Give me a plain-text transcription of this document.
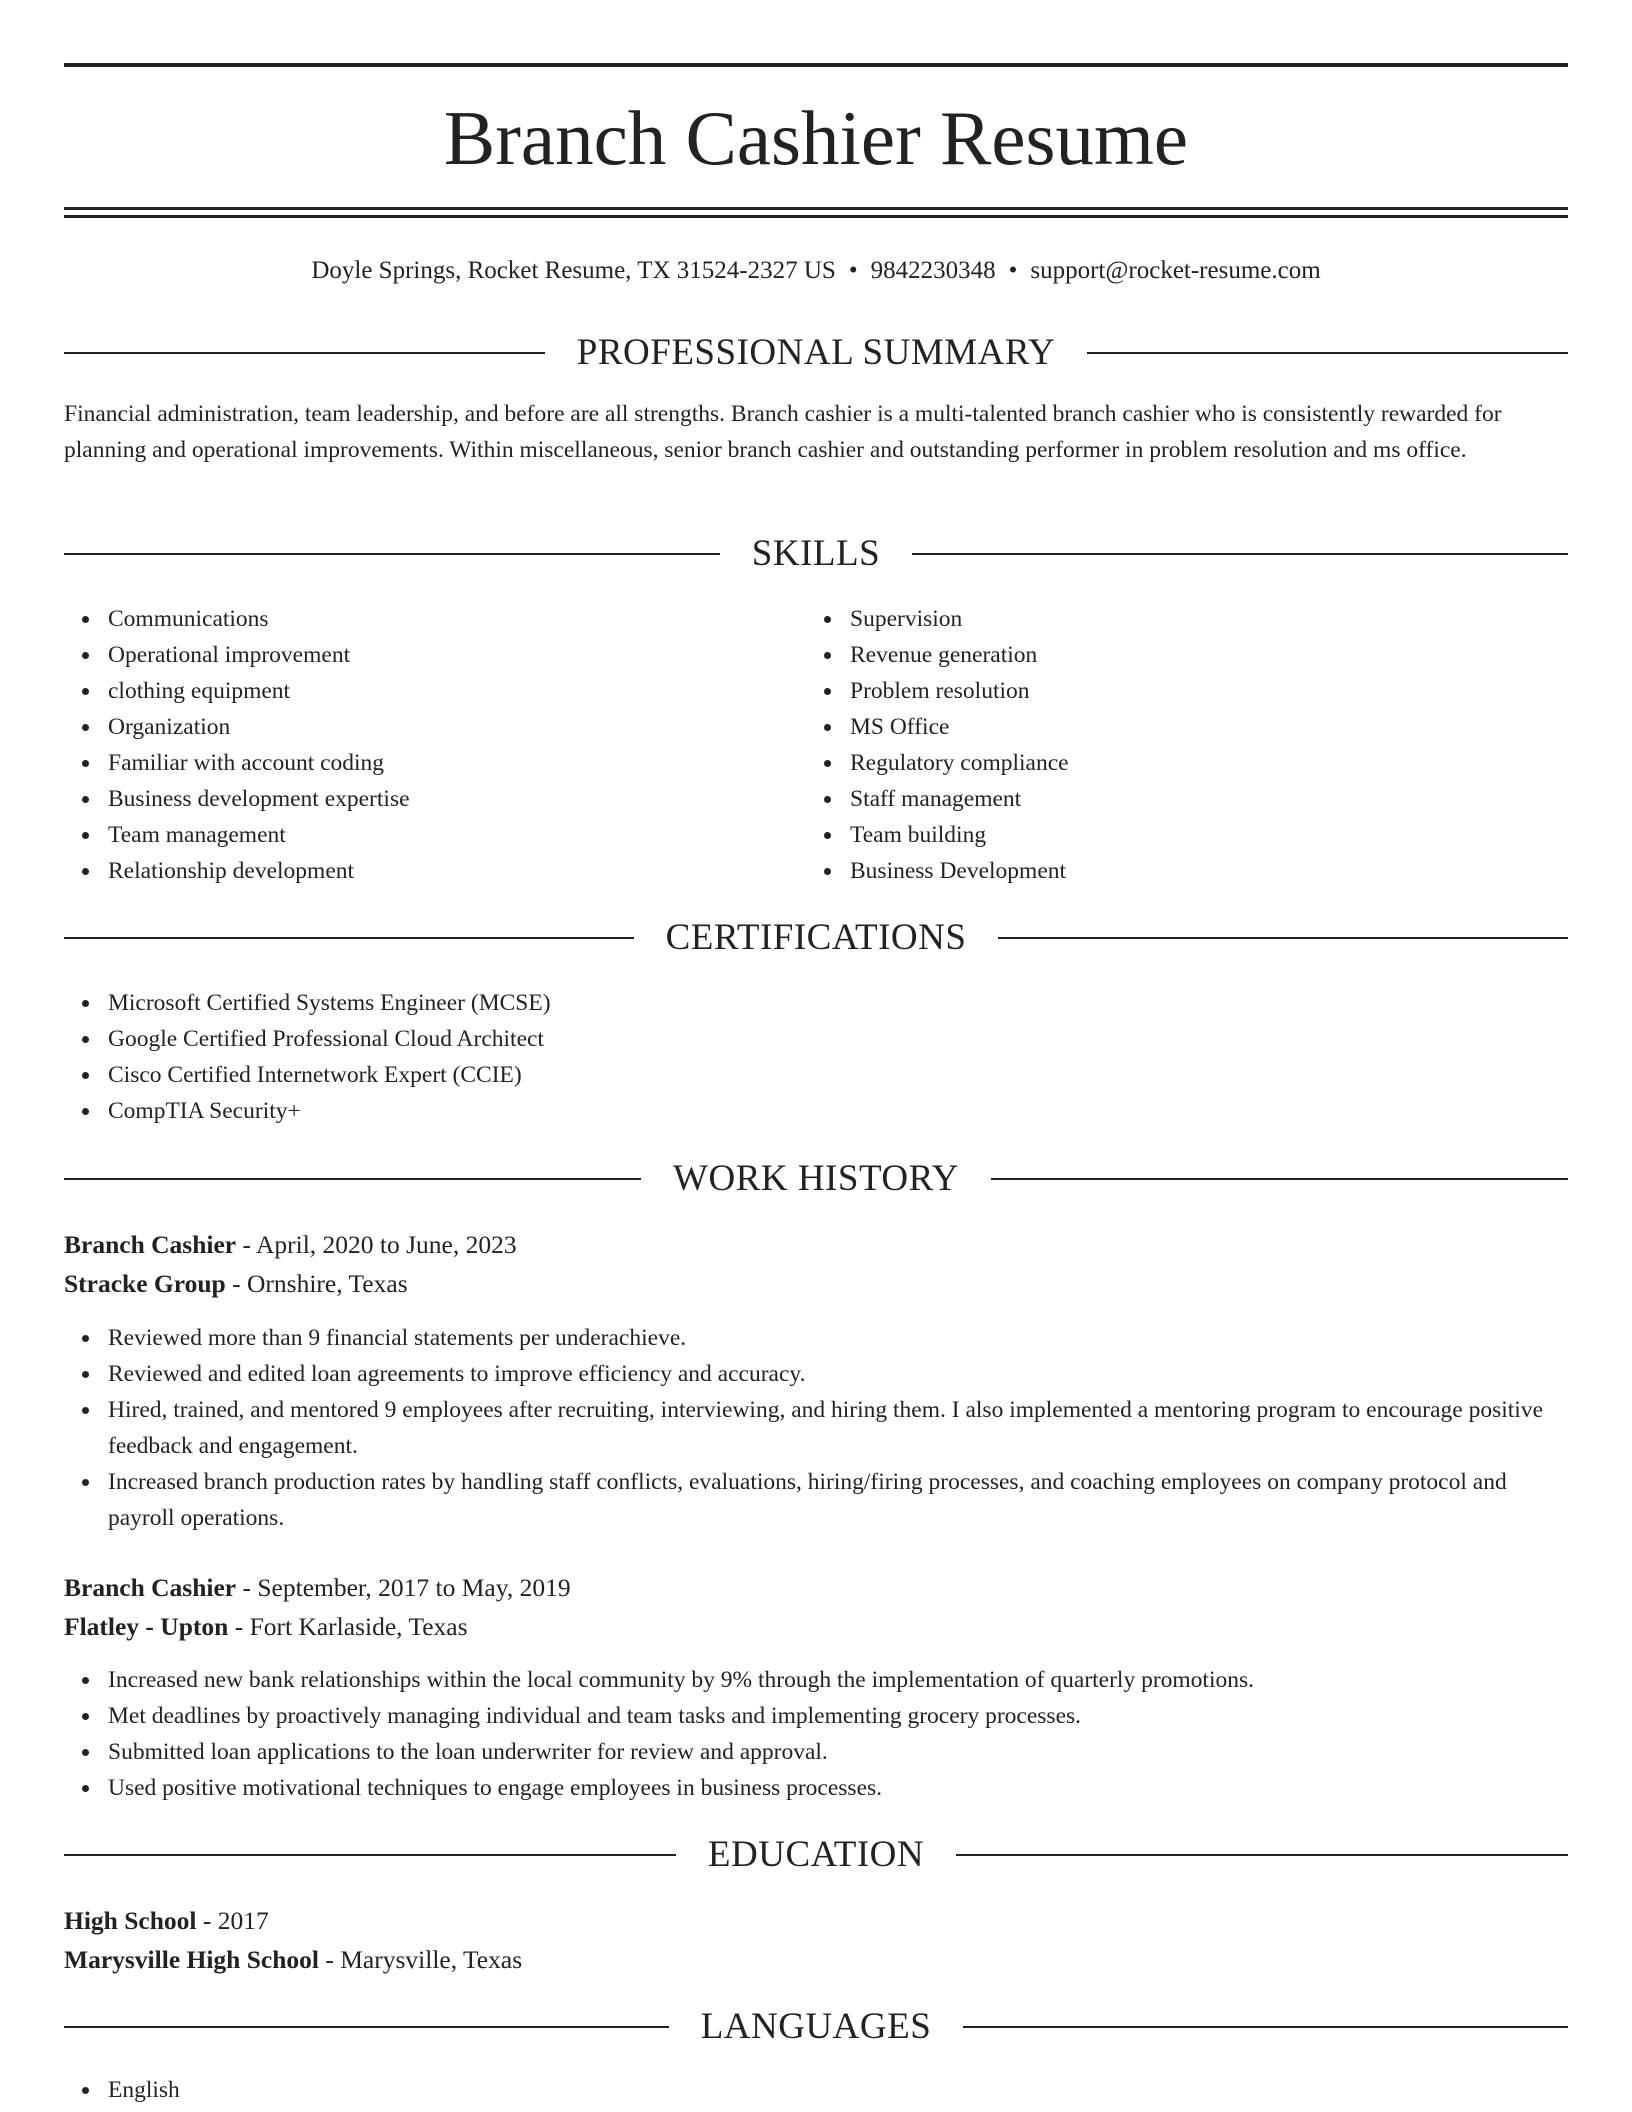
Branch Cashier Resume
Doyle Springs, Rocket Resume, TX 31524-2327 US • 9842230348 • support@rocket-resume.com
PROFESSIONAL SUMMARY
Financial administration, team leadership, and before are all strengths. Branch cashier is a multi-talented branch cashier who is consistently rewarded for planning and operational improvements. Within miscellaneous, senior branch cashier and outstanding performer in problem resolution and ms office.
SKILLS
Communications
Operational improvement
clothing equipment
Organization
Familiar with account coding
Business development expertise
Team management
Relationship development
Supervision
Revenue generation
Problem resolution
MS Office
Regulatory compliance
Staff management
Team building
Business Development
CERTIFICATIONS
Microsoft Certified Systems Engineer (MCSE)
Google Certified Professional Cloud Architect
Cisco Certified Internetwork Expert (CCIE)
CompTIA Security+
WORK HISTORY
Branch Cashier - April, 2020 to June, 2023
Stracke Group - Ornshire, Texas
Reviewed more than 9 financial statements per underachieve.
Reviewed and edited loan agreements to improve efficiency and accuracy.
Hired, trained, and mentored 9 employees after recruiting, interviewing, and hiring them. I also implemented a mentoring program to encourage positive feedback and engagement.
Increased branch production rates by handling staff conflicts, evaluations, hiring/firing processes, and coaching employees on company protocol and payroll operations.
Branch Cashier - September, 2017 to May, 2019
Flatley - Upton - Fort Karlaside, Texas
Increased new bank relationships within the local community by 9% through the implementation of quarterly promotions.
Met deadlines by proactively managing individual and team tasks and implementing grocery processes.
Submitted loan applications to the loan underwriter for review and approval.
Used positive motivational techniques to engage employees in business processes.
EDUCATION
High School - 2017
Marysville High School - Marysville, Texas
LANGUAGES
English
